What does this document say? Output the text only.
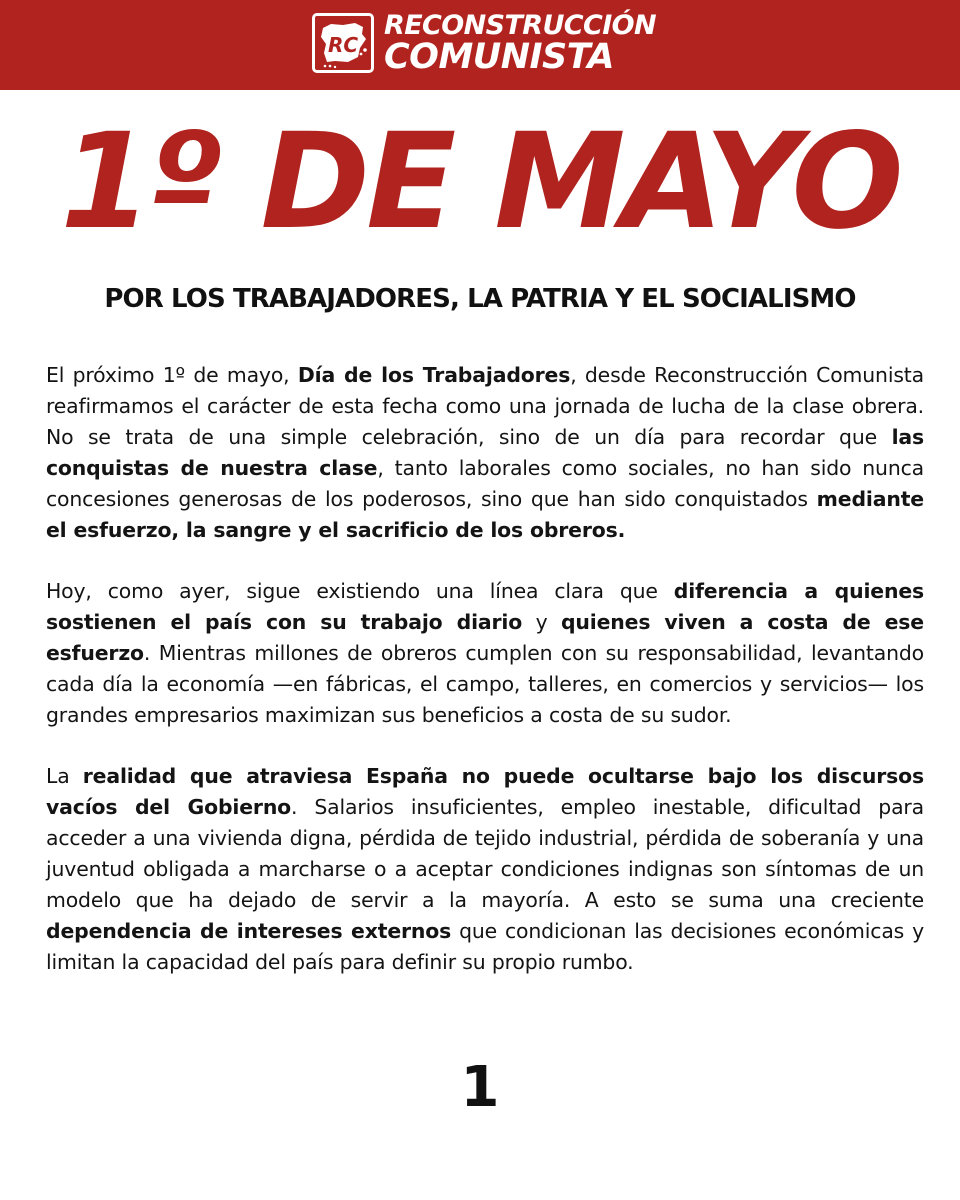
RC
RECONSTRUCCIÓN
COMUNISTA
1º DE MAYO
POR LOS TRABAJADORES, LA PATRIA Y EL SOCIALISMO

El próximo 1º de mayo, Día de los Trabajadores, desde Reconstrucción Comunista reafirmamos el carácter de esta fecha como una jornada de lucha de la clase obrera. No se trata de una simple celebración, sino de un día para recordar que las conquistas de nuestra clase, tanto laborales como sociales, no han sido nunca concesiones generosas de los poderosos, sino que han sido conquistados mediante el esfuerzo, la sangre y el sacrificio de los obreros.

Hoy, como ayer, sigue existiendo una línea clara que diferencia a quienes sostienen el país con su trabajo diario y quienes viven a costa de ese esfuerzo. Mientras millones de obreros cumplen con su responsabilidad, levantando cada día la economía —en fábricas, el campo, talleres, en comercios y servicios— los grandes empresarios maximizan sus beneficios a costa de su sudor.

La realidad que atraviesa España no puede ocultarse bajo los discursos vacíos del Gobierno. Salarios insuficientes, empleo inestable, dificultad para acceder a una vivienda digna, pérdida de tejido industrial, pérdida de soberanía y una juventud obligada a marcharse o a aceptar condiciones indignas son síntomas de un modelo que ha dejado de servir a la mayoría. A esto se suma una creciente dependencia de intereses externos que condicionan las decisiones económicas y limitan la capacidad del país para definir su propio rumbo.

1
